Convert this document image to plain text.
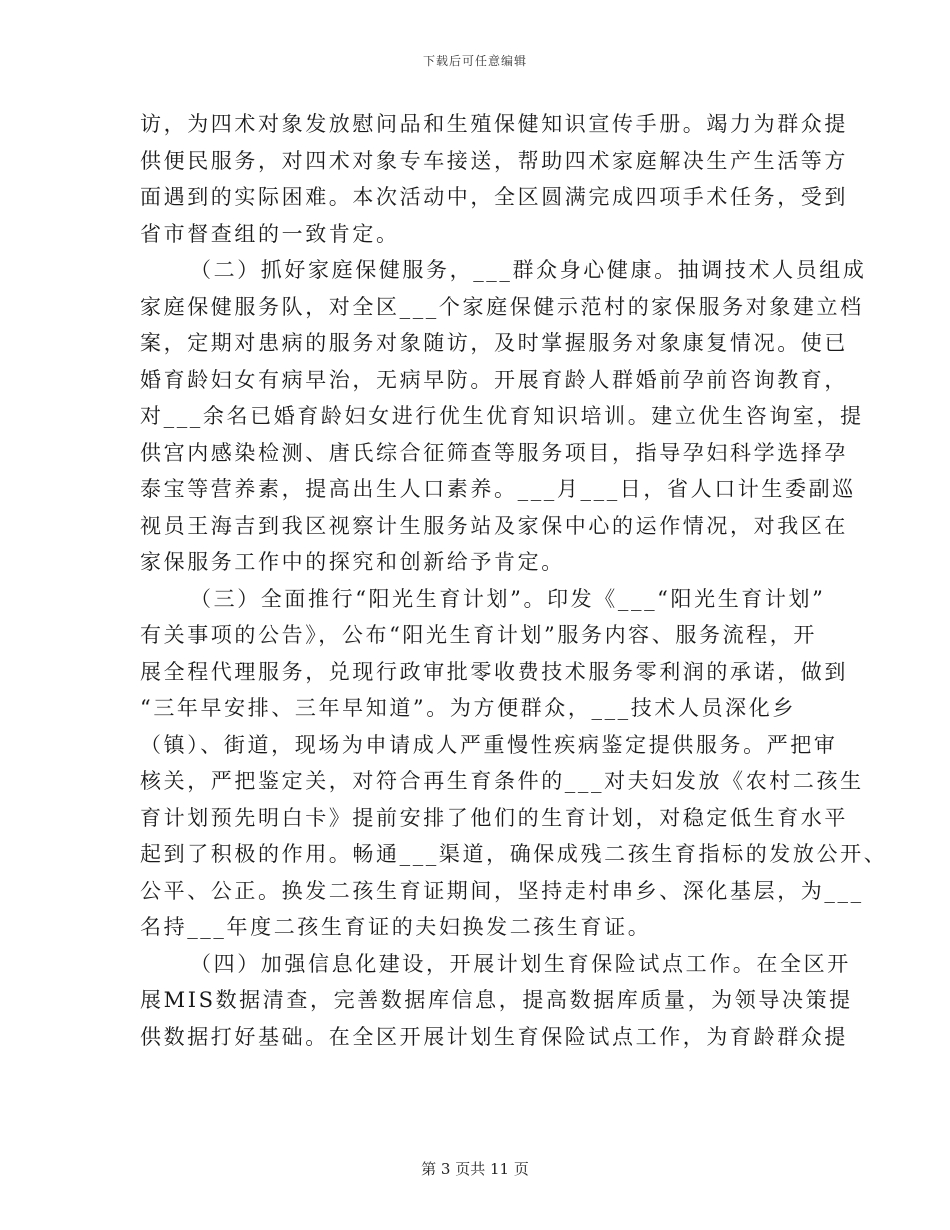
下载后可任意编辑
访，为四术对象发放慰问品和生殖保健知识宣传手册。竭力为群众提
供便民服务，对四术对象专车接送，帮助四术家庭解决生产生活等方
面遇到的实际困难。本次活动中，全区圆满完成四项手术任务，受到
省市督查组的一致肯定。
（二）抓好家庭保健服务，___群众身心健康。抽调技术人员组成
家庭保健服务队，对全区___个家庭保健示范村的家保服务对象建立档
案，定期对患病的服务对象随访，及时掌握服务对象康复情况。使已
婚育龄妇女有病早治，无病早防。开展育龄人群婚前孕前咨询教育，
对___余名已婚育龄妇女进行优生优育知识培训。建立优生咨询室，提
供宫内感染检测、唐氏综合征筛查等服务项目，指导孕妇科学选择孕
泰宝等营养素，提高出生人口素养。___月___日，省人口计生委副巡
视员王海吉到我区视察计生服务站及家保中心的运作情况，对我区在
家保服务工作中的探究和创新给予肯定。
（三）全面推行“阳光生育计划”。印发《___“阳光生育计划”
有关事项的公告》，公布“阳光生育计划”服务内容、服务流程，开
展全程代理服务，兑现行政审批零收费技术服务零利润的承诺，做到
“三年早安排、三年早知道”。为方便群众，___技术人员深化乡
（镇）、街道，现场为申请成人严重慢性疾病鉴定提供服务。严把审
核关，严把鉴定关，对符合再生育条件的___对夫妇发放《农村二孩生
育计划预先明白卡》提前安排了他们的生育计划，对稳定低生育水平
起到了积极的作用。畅通___渠道，确保成残二孩生育指标的发放公开、
公平、公正。换发二孩生育证期间，坚持走村串乡、深化基层，为___
名持___年度二孩生育证的夫妇换发二孩生育证。
（四）加强信息化建设，开展计划生育保险试点工作。在全区开
展MIS数据清查，完善数据库信息，提高数据库质量，为领导决策提
供数据打好基础。在全区开展计划生育保险试点工作，为育龄群众提
第 3 页共 11 页
